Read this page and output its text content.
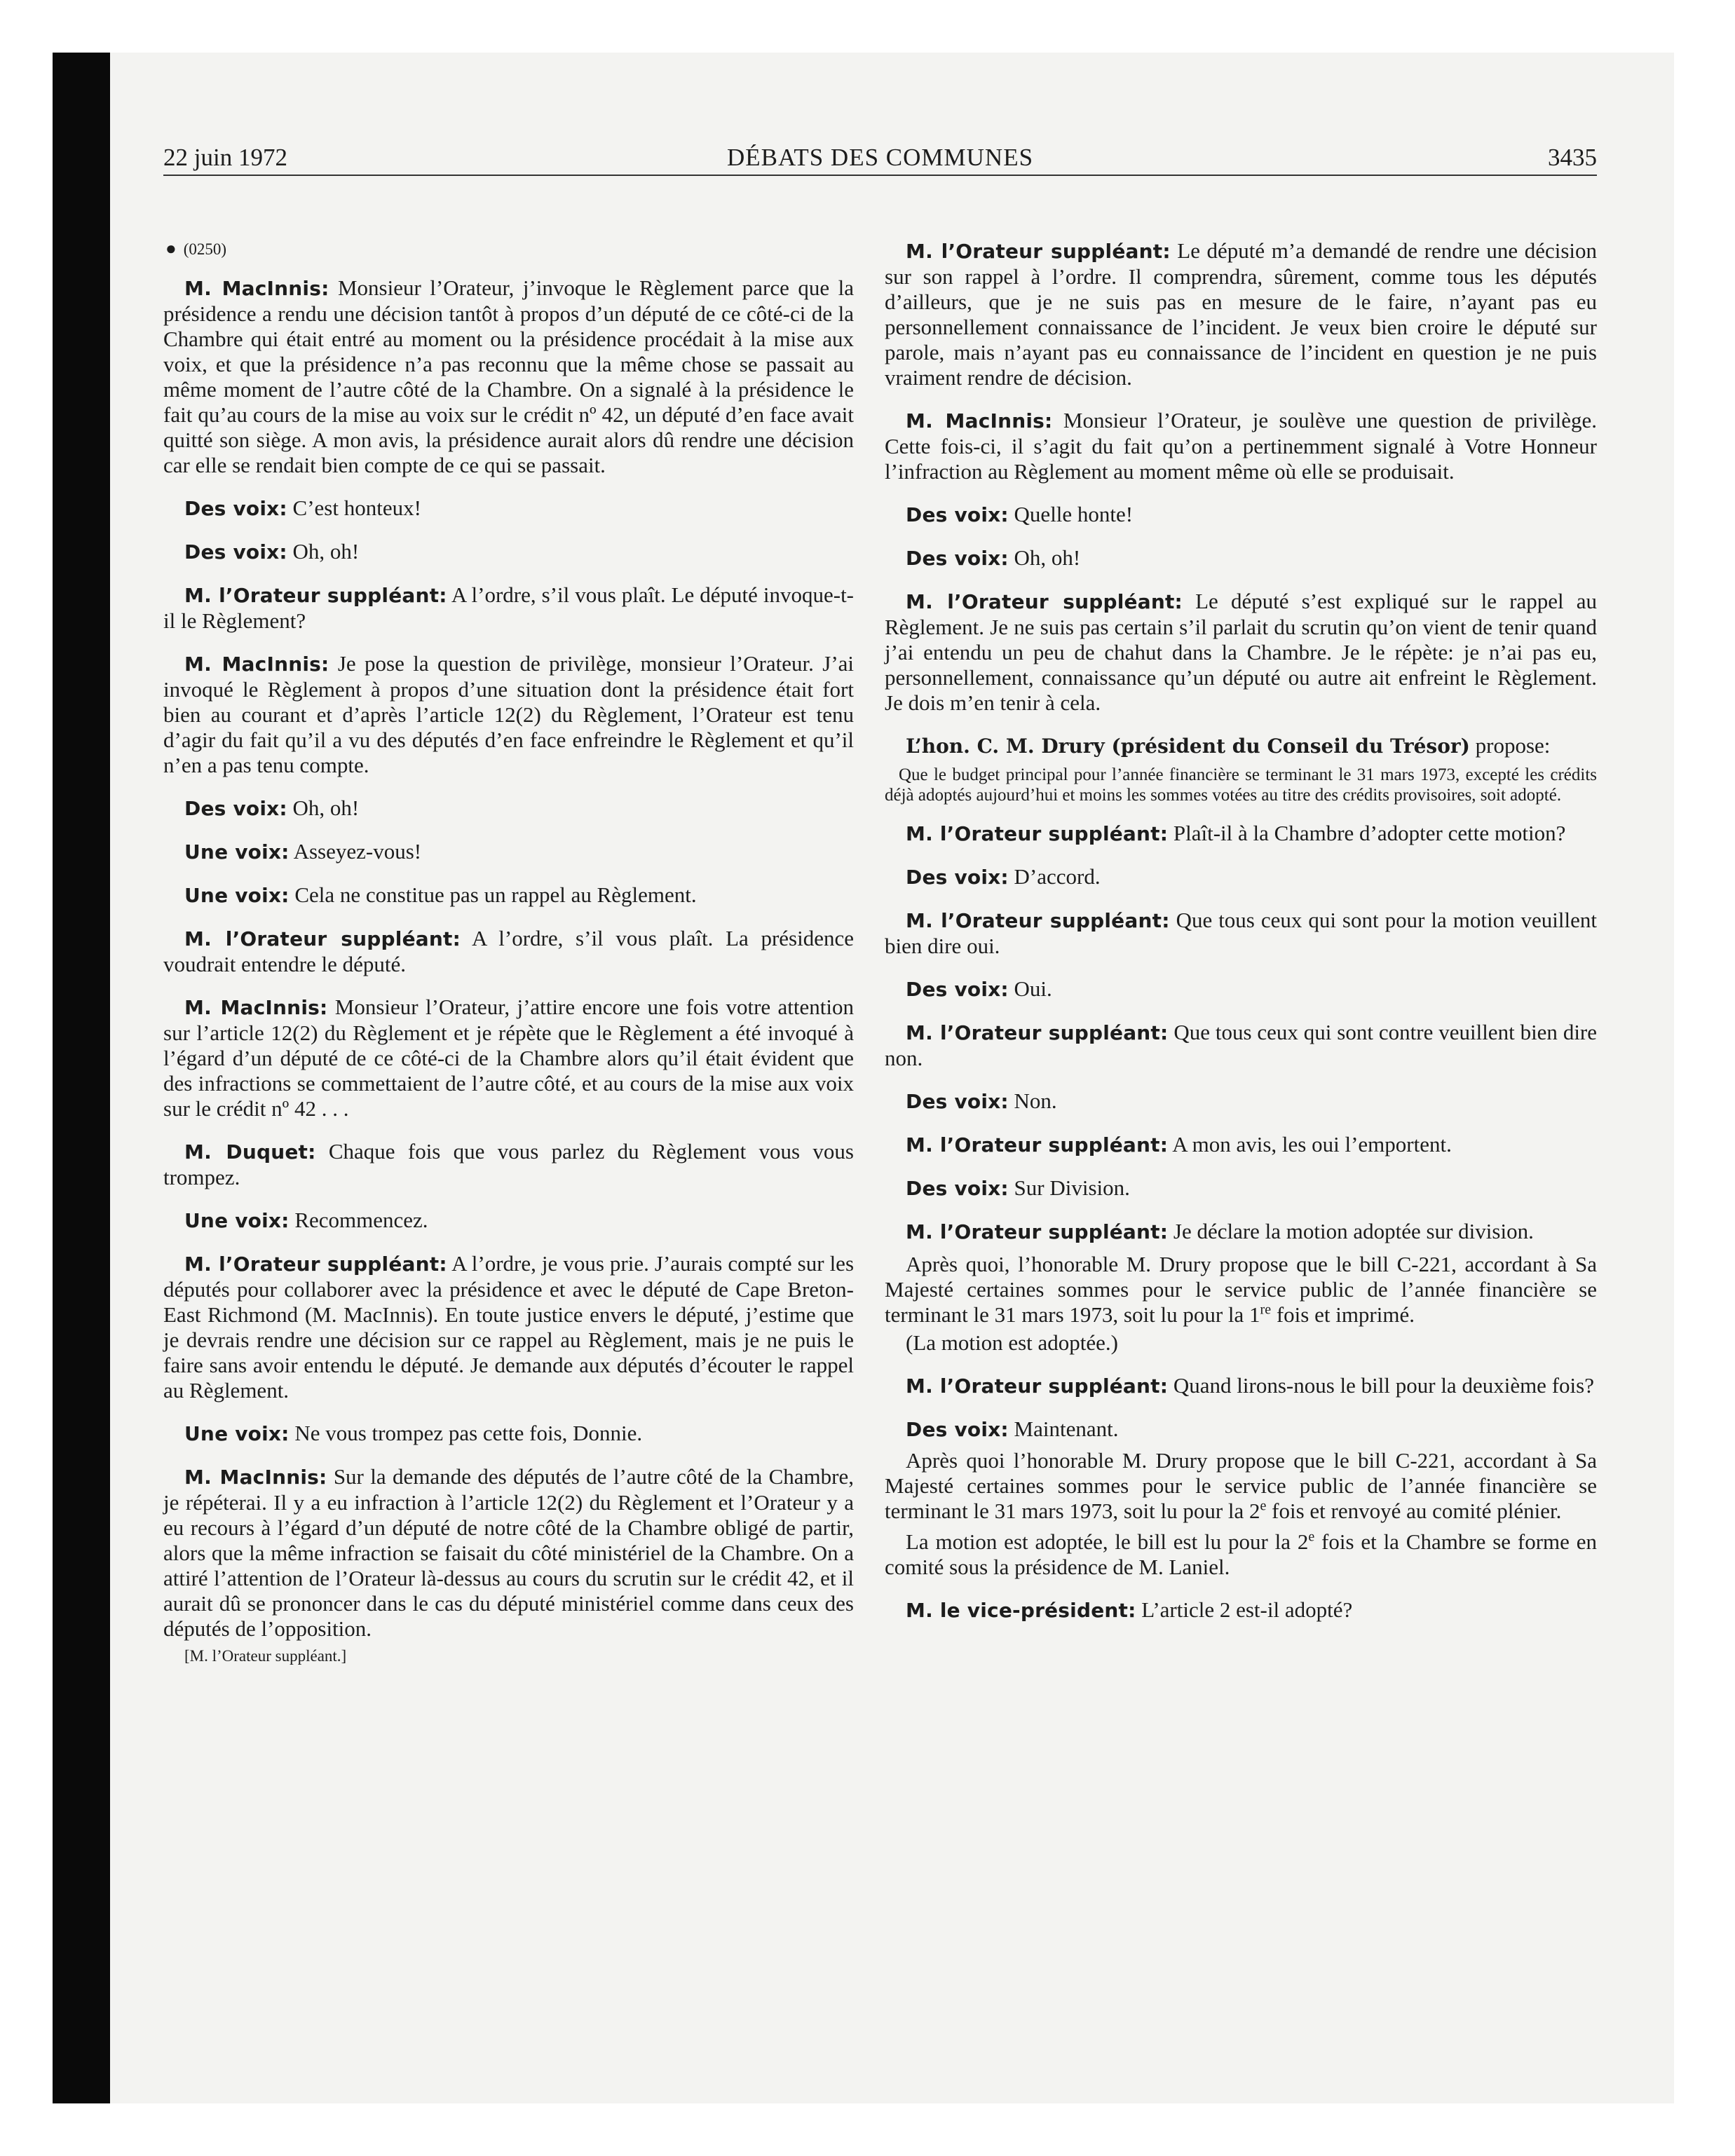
22 juin 1972	DÉBATS DES COMMUNES	3435

● (0250)

M. MacInnis: Monsieur l’Orateur, j’invoque le Règlement parce que la présidence a rendu une décision tantôt à propos d’un député de ce côté-ci de la Chambre qui était entré au moment ou la présidence procédait à la mise aux voix, et que la présidence n’a pas reconnu que la même chose se passait au même moment de l’autre côté de la Chambre. On a signalé à la présidence le fait qu’au cours de la mise au voix sur le crédit nº 42, un député d’en face avait quitté son siège. A mon avis, la présidence aurait alors dû rendre une décision car elle se rendait bien compte de ce qui se passait.

Des voix: C’est honteux!

Des voix: Oh, oh!

M. l’Orateur suppléant: A l’ordre, s’il vous plaît. Le député invoque-t-il le Règlement?

M. MacInnis: Je pose la question de privilège, monsieur l’Orateur. J’ai invoqué le Règlement à propos d’une situation dont la présidence était fort bien au courant et d’après l’article 12(2) du Règlement, l’Orateur est tenu d’agir du fait qu’il a vu des députés d’en face enfreindre le Règlement et qu’il n’en a pas tenu compte.

Des voix: Oh, oh!

Une voix: Asseyez-vous!

Une voix: Cela ne constitue pas un rappel au Règlement.

M. l’Orateur suppléant: A l’ordre, s’il vous plaît. La présidence voudrait entendre le député.

M. MacInnis: Monsieur l’Orateur, j’attire encore une fois votre attention sur l’article 12(2) du Règlement et je répète que le Règlement a été invoqué à l’égard d’un député de ce côté-ci de la Chambre alors qu’il était évident que des infractions se commettaient de l’autre côté, et au cours de la mise aux voix sur le crédit nº 42 . . .

M. Duquet: Chaque fois que vous parlez du Règlement vous vous trompez.

Une voix: Recommencez.

M. l’Orateur suppléant: A l’ordre, je vous prie. J’aurais compté sur les députés pour collaborer avec la présidence et avec le député de Cape Breton-East Richmond (M. MacInnis). En toute justice envers le député, j’estime que je devrais rendre une décision sur ce rappel au Règlement, mais je ne puis le faire sans avoir entendu le député. Je demande aux députés d’écouter le rappel au Règlement.

Une voix: Ne vous trompez pas cette fois, Donnie.

M. MacInnis: Sur la demande des députés de l’autre côté de la Chambre, je répéterai. Il y a eu infraction à l’article 12(2) du Règlement et l’Orateur y a eu recours à l’égard d’un député de notre côté de la Chambre obligé de partir, alors que la même infraction se faisait du côté ministériel de la Chambre. On a attiré l’attention de l’Orateur là-dessus au cours du scrutin sur le crédit 42, et il aurait dû se prononcer dans le cas du député ministériel comme dans ceux des députés de l’opposition.

[M. l’Orateur suppléant.]

M. l’Orateur suppléant: Le député m’a demandé de rendre une décision sur son rappel à l’ordre. Il comprendra, sûrement, comme tous les députés d’ailleurs, que je ne suis pas en mesure de le faire, n’ayant pas eu personnellement connaissance de l’incident. Je veux bien croire le député sur parole, mais n’ayant pas eu connaissance de l’incident en question je ne puis vraiment rendre de décision.

M. MacInnis: Monsieur l’Orateur, je soulève une question de privilège. Cette fois-ci, il s’agit du fait qu’on a pertinemment signalé à Votre Honneur l’infraction au Règlement au moment même où elle se produisait.

Des voix: Quelle honte!

Des voix: Oh, oh!

M. l’Orateur suppléant: Le député s’est expliqué sur le rappel au Règlement. Je ne suis pas certain s’il parlait du scrutin qu’on vient de tenir quand j’ai entendu un peu de chahut dans la Chambre. Je le répète: je n’ai pas eu, personnellement, connaissance qu’un député ou autre ait enfreint le Règlement. Je dois m’en tenir à cela.

L’hon. C. M. Drury (président du Conseil du Trésor) propose:

Que le budget principal pour l’année financière se terminant le 31 mars 1973, excepté les crédits déjà adoptés aujourd’hui et moins les sommes votées au titre des crédits provisoires, soit adopté.

M. l’Orateur suppléant: Plaît-il à la Chambre d’adopter cette motion?

Des voix: D’accord.

M. l’Orateur suppléant: Que tous ceux qui sont pour la motion veuillent bien dire oui.

Des voix: Oui.

M. l’Orateur suppléant: Que tous ceux qui sont contre veuillent bien dire non.

Des voix: Non.

M. l’Orateur suppléant: A mon avis, les oui l’emportent.

Des voix: Sur Division.

M. l’Orateur suppléant: Je déclare la motion adoptée sur division.

Après quoi, l’honorable M. Drury propose que le bill C-221, accordant à Sa Majesté certaines sommes pour le service public de l’année financière se terminant le 31 mars 1973, soit lu pour la 1re fois et imprimé.

(La motion est adoptée.)

M. l’Orateur suppléant: Quand lirons-nous le bill pour la deuxième fois?

Des voix: Maintenant.

Après quoi l’honorable M. Drury propose que le bill C-221, accordant à Sa Majesté certaines sommes pour le service public de l’année financière se terminant le 31 mars 1973, soit lu pour la 2e fois et renvoyé au comité plénier.

La motion est adoptée, le bill est lu pour la 2e fois et la Chambre se forme en comité sous la présidence de M. Laniel.

M. le vice-président: L’article 2 est-il adopté?
